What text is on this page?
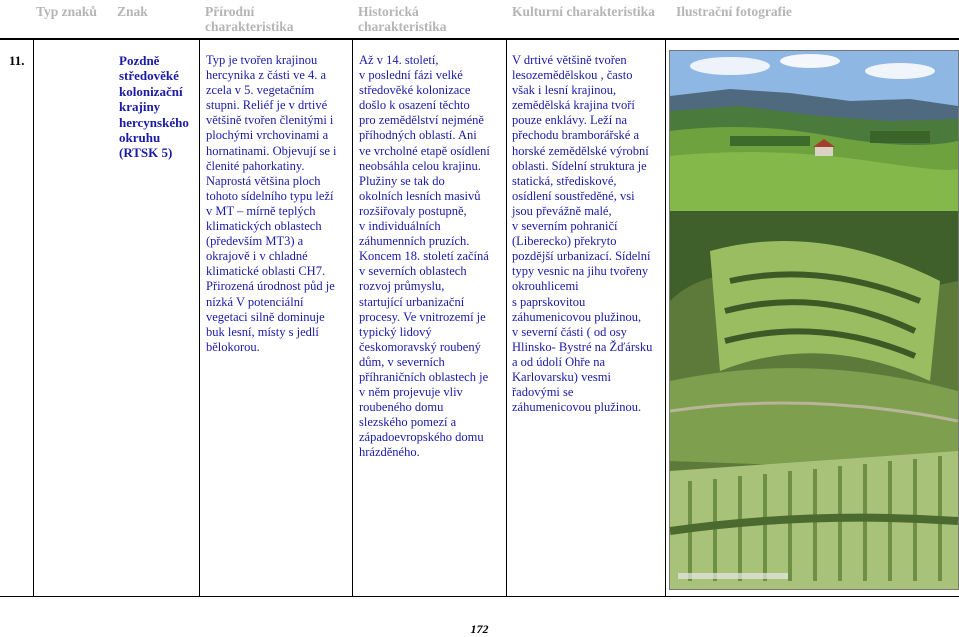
Typ znaků Znak	Přírodní charakteristika
Historická charakteristika
Kulturní charakteristika Ilustrační fotografie
11.	Pozdně
středověké
kolonizační
krajiny
hercynského
okruhu
(RTSK 5)
Typ je tvořen krajinou
hercynika z části ve 4. a
zcela v 5. vegetačním
stupni. Reliéf je v drtivé
většině tvořen členitými i
plochými vrchovinami a
hornatinami. Objevují se i
členité pahorkatiny.
Naprostá většina ploch
tohoto sídelního typu leží
v MT – mírně teplých
klimatických oblastech
(především MT3) a
okrajově i v chladné
klimatické oblasti CH7.
Přirozená úrodnost půd je
nízká V potenciální
vegetaci silně dominuje
buk lesní, místy s jedlí
bělokorou.
Až v 14. století,
v poslední fázi velké
středověké kolonizace
došlo k osazení těchto
pro zemědělství nejméně
příhodných oblastí. Ani
ve vrcholné etapě osídlení
neobsáhla celou krajinu.
Plužiny se tak do
okolních lesních masivů
rozšiřovaly postupně,
v individuálních
záhumenních pruzích.
Koncem 18. století začíná
v severních oblastech
rozvoj průmyslu,
startující urbanizační
procesy. Ve vnitrozemí je
typický lidový
českomoravský roubený
dům, v severních
příhraničních oblastech je
v něm projevuje vliv
roubeného domu
slezského pomezí a
západoevropského domu
hrázděného.
V drtivé většině tvořen
lesozemědělskou , často
však i lesní krajinou,
zemědělská krajina tvoří
pouze enklávy. Leží na
přechodu bramborářské a
horské zemědělské výrobní
oblasti. Sídelní struktura je
statická, střediskové,
osídlení soustředěné, vsi
jsou převážně malé,
v severním pohraničí
(Liberecko) překryto
pozdější urbanizací. Sídelní
typy vesnic na jihu tvořeny
okrouhlicemi
s paprskovitou
záhumenicovou plužinou,
v severní části ( od osy
Hlinsko- Bystré na Žďársku
a od údolí Ohře na
Karlovarsku) vesmi
řadovými se
záhumenicovou plužinou.
172
